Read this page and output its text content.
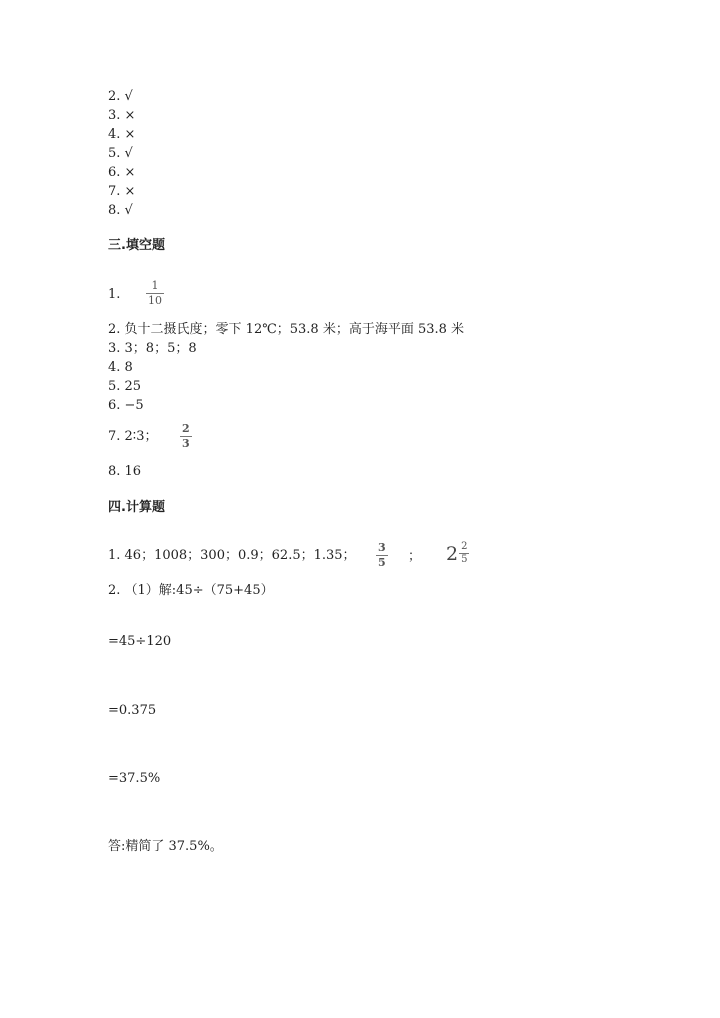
2. √
3. ×
4. ×
5. √
6. ×
7. ×
8. √
三.填空题
1.
1
10
2. 负十二摄氏度；零下 12℃；53.8 米；高于海平面 53.8 米
3. 3；8；5；8
4. 8
5. 25
6. −5
7. 2∶3；
2
3
8. 16
四.计算题
1. 46；1008；300；0.9；62.5；1.35；
3
5 ； $2 \frac{2}{5}$
2. （1）解:45÷（75+45）
=45÷120
=0.375
=37.5%
答:精简了 37.5%。
